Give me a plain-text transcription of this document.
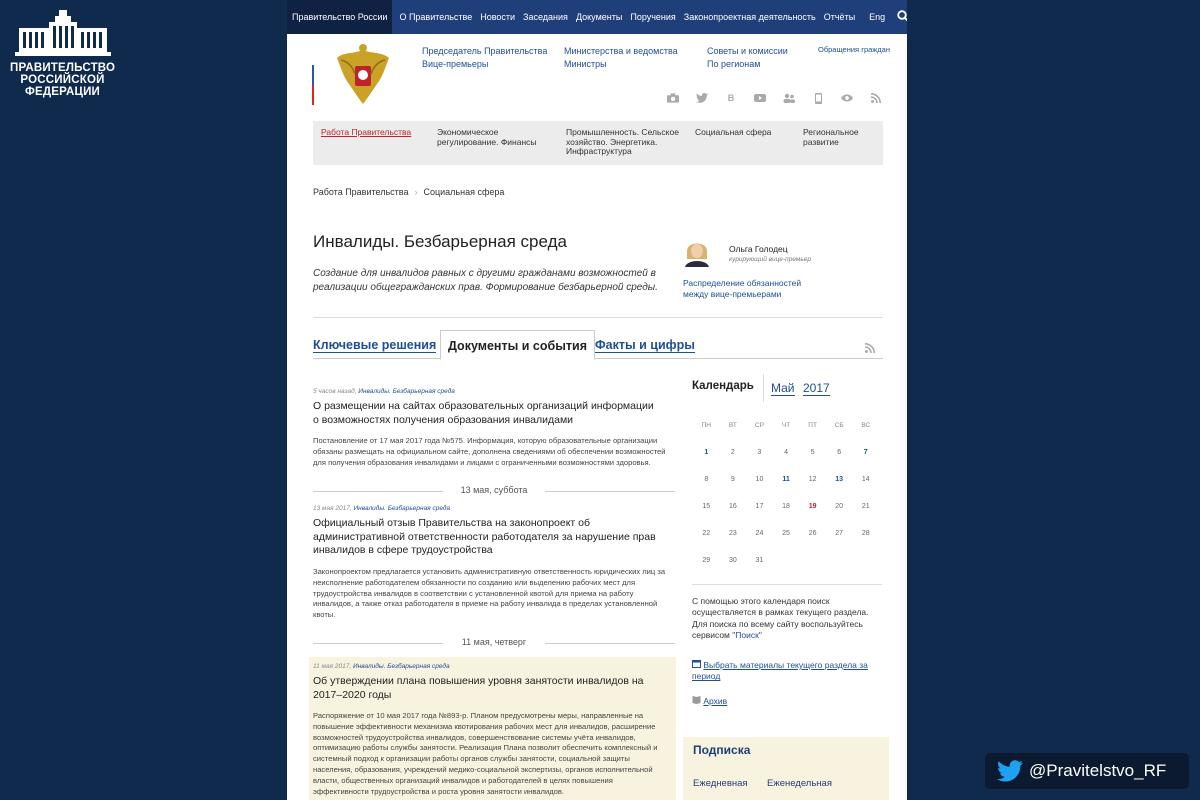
ПРАВИТЕЛЬСТВО
РОССИЙСКОЙ
ФЕДЕРАЦИИ
Правительство России	О Правительстве Новости Заседания Документы Поручения Законопроектная деятельность Отчёты	Eng
Председатель Правительства
Вице-премьеры
Министерства и ведомства
Министры
Советы и комиссии
По регионам
Обращения граждан
В
Работа Правительства	Экономическое регулирование. Финансы
Промышленность. Сельское хозяйство. Энергетика. Инфраструктура
Социальная сфера	Региональное развитие
Работа Правительства › Социальная сфера
Инвалиды. Безбарьерная среда
Создание для инвалидов равных с другими гражданами возможностей в реализации общегражданских прав. Формирование безбарьерной среды.
Ольга Голодец
курирующий вице-премьер
Распределение обязанностей между вице-премьерами
Ключевые решения Документы и события Факты и цифры
5 часов назад, Инвалиды. Безбарьерная среда
О размещении на сайтах образовательных организаций информации о возможностях получения образования инвалидами
Постановление от 17 мая 2017 года №575. Информация, которую образовательные организации обязаны размещать на официальном сайте, дополнена сведениями об обеспечении возможностей для получения образования инвалидами и лицами с ограниченными возможностями здоровья.
13 мая, суббота
13 мая 2017, Инвалиды. Безбарьерная среда
Официальный отзыв Правительства на законопроект об административной ответственности работодателя за нарушение прав инвалидов в сфере трудоустройства
Законопроектом предлагается установить административную ответственность юридических лиц за неисполнение работодателем обязанности по созданию или выделению рабочих мест для трудоустройства инвалидов в соответствии с установленной квотой для приема на работу инвалидов, а также отказ работодателя в приеме на работу инвалида в пределах установленной квоты.
11 мая, четверг
11 мая 2017, Инвалиды. Безбарьерная среда
Об утверждении плана повышения уровня занятости инвалидов на 2017–2020 годы
Распоряжение от 10 мая 2017 года №893-р. Планом предусмотрены меры, направленные на повышение эффективности механизма квотирования рабочих мест для инвалидов, расширение возможностей трудоустройства инвалидов, совершенствование системы учёта инвалидов, оптимизацию работы службы занятости. Реализация Плана позволит обеспечить комплексный и системный подход к организации работы органов службы занятости, социальной защиты населения, образования, учреждений медико-социальной экспертизы, органов исполнительной власти, общественных организаций инвалидов и работодателей в целях повышения эффективности трудоустройства и роста уровня занятости инвалидов.
Календарь Май 2017
ПН	ВТ	СР	ЧТ	ПТ	СБ	ВС
1	2	3	4	5	6	7
8	9	10	11	12	13	14
15	16	17	18	19	20	21
22	23	24	25	26	27	28
29	30	31
С помощью этого календаря поиск осуществляется в рамках текущего раздела. Для поиска по всему сайту воспользуйтесь сервисом "Поиск"
Выбрать материалы текущего раздела за период
Архив
Подписка
Ежедневная Еженедельная
@Pravitelstvo_RF
